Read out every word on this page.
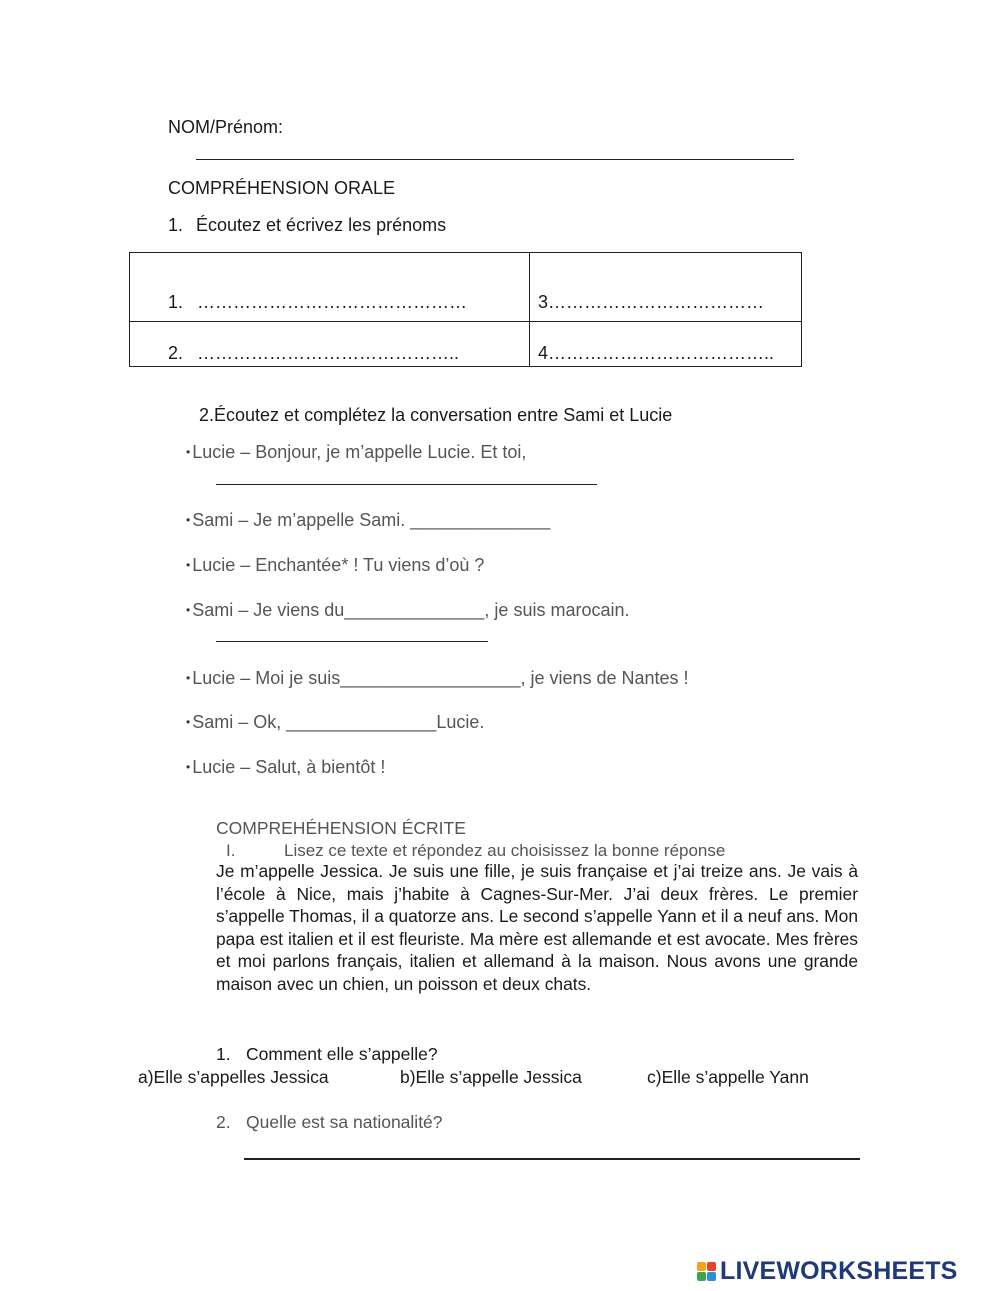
NOM/Prénom:
COMPRÉHENSION ORALE
1. Écoutez et écrivez les prénoms
1. ………………………………………	3………………………………

2. ……………………………………..	4………………………………..
2.Écoutez et complétez la conversation entre Sami et Lucie
• Lucie – Bonjour, je m’appelle Lucie. Et toi,
• Sami – Je m’appelle Sami. ______________
• Lucie – Enchantée* ! Tu viens d’où ?
• Sami – Je viens du______________, je suis marocain.
• Lucie – Moi je suis__________________, je viens de Nantes !
• Sami – Ok, _______________Lucie.
• Lucie – Salut, à bientôt !
COMPREHÉHENSION ÉCRITE
I.	Lisez ce texte et répondez au choisissez la bonne réponse
Je m’appelle Jessica. Je suis une fille, je suis française et j’ai treize ans. Je vais à l’école à Nice, mais j’habite à Cagnes-Sur-Mer. J’ai deux frères. Le premier s’appelle Thomas, il a quatorze ans. Le second s’appelle Yann et il a neuf ans. Mon papa est italien et il est fleuriste. Ma mère est allemande et est avocate. Mes frères et moi parlons français, italien et allemand à la maison. Nous avons une grande maison avec un chien, un poisson et deux chats.
1. Comment elle s’appelle?
a)Elle s’appelles Jessica	b)Elle s’appelle Jessica	c)Elle s’appelle Yann
2. Quelle est sa nationalité?
LIVEWORKSHEETS
